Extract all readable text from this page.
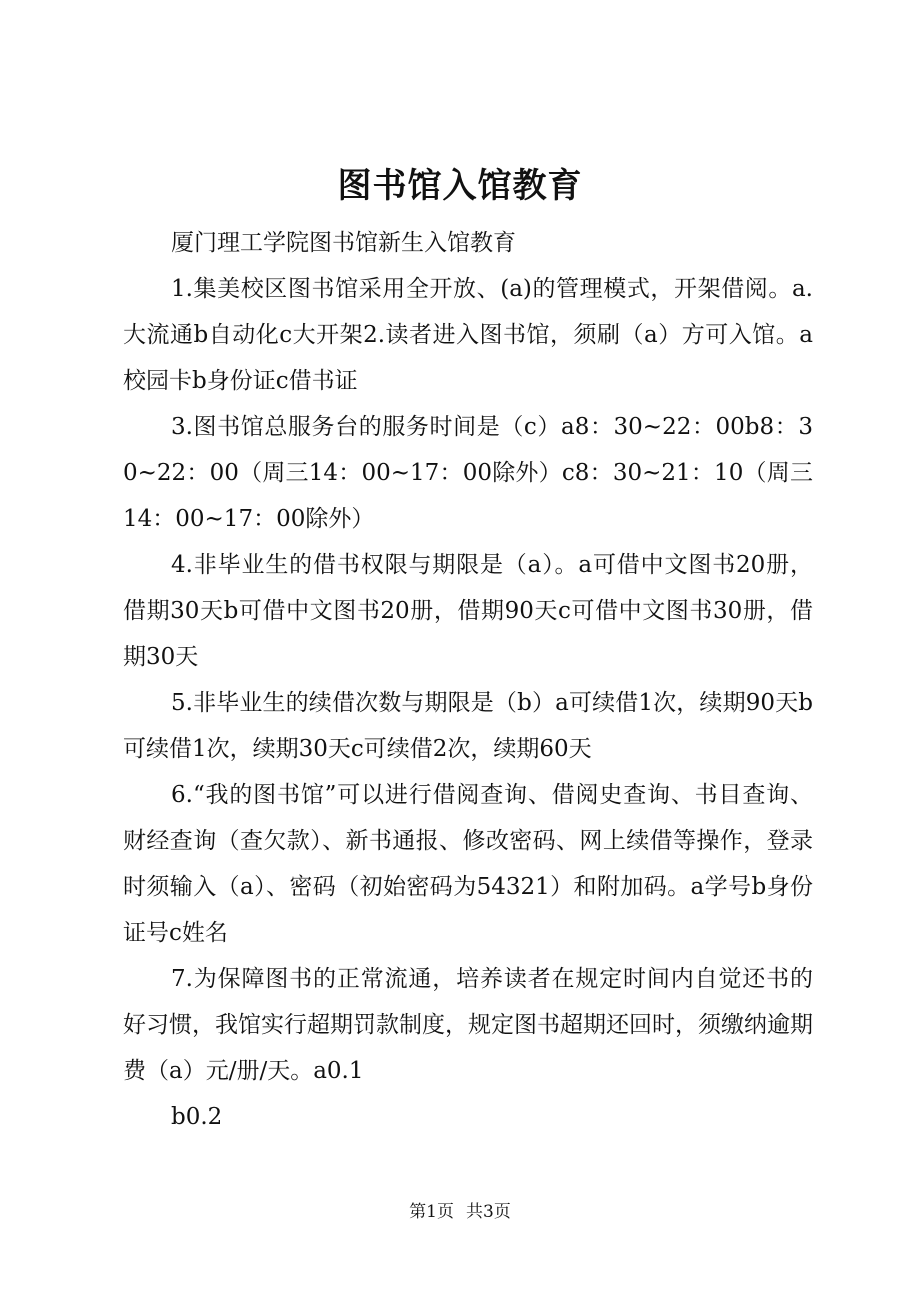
图书馆入馆教育

厦门理工学院图书馆新生入馆教育

1.集美校区图书馆采用全开放、(a)的管理模式，开架借阅。a.大流通b自动化c大开架2.读者进入图书馆，须刷（a）方可入馆。a校园卡b身份证c借书证

3.图书馆总服务台的服务时间是（c）a8：30~22：00b8：30~22：00（周三14：00~17：00除外）c8：30~21：10（周三14：00~17：00除外）

4.非毕业生的借书权限与期限是（a）。a可借中文图书20册，借期30天b可借中文图书20册，借期90天c可借中文图书30册，借期30天

5.非毕业生的续借次数与期限是（b）a可续借1次，续期90天b可续借1次，续期30天c可续借2次，续期60天

6.“我的图书馆”可以进行借阅查询、借阅史查询、书目查询、财经查询（查欠款）、新书通报、修改密码、网上续借等操作，登录时须输入（a）、密码（初始密码为54321）和附加码。a学号b身份证号c姓名

7.为保障图书的正常流通，培养读者在规定时间内自觉还书的好习惯，我馆实行超期罚款制度，规定图书超期还回时，须缴纳逾期费（a）元/册/天。a0.1

b0.2

第1页 共3页
